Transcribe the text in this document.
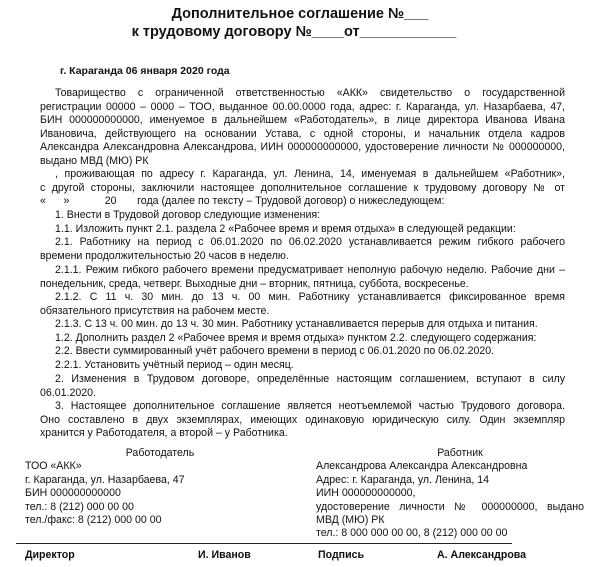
Дополнительное соглашение №___
к трудовому договору №____от____________
г. Караганда 06 января 2020 года
Товарищество с ограниченной ответственностью «АКК» свидетельство о государственной
регистрации 00000 – 0000 – ТОО, выданное 00.00.0000 года, адрес: г. Караганда, ул. Назарбаева, 47,
БИН 000000000000, именуемое в дальнейшем «Работодатель», в лице директора Иванова Ивана
Ивановича, действующего на основании Устава, с одной стороны, и начальник отдела кадров
Александра Александровна Александрова, ИИН 000000000000, удостоверение личности № 000000000,
выдано МВД (МЮ) РК
, проживающая по адресу г. Караганда, ул. Ленина, 14, именуемая в дальнейшем «Работник»,
с другой стороны, заключили настоящее дополнительное соглашение к трудовому договору № от
«      »            20       года (далее по тексту – Трудовой договор) о нижеследующем:
1. Внести в Трудовой договор следующие изменения:
1.1. Изложить пункт 2.1. раздела 2 «Рабочее время и время отдыха» в следующей редакции:
2.1. Работнику на период с 06.01.2020 по 06.02.2020 устанавливается режим гибкого рабочего
времени продолжительностью 20 часов в неделю.
2.1.1. Режим гибкого рабочего времени предусматривает неполную рабочую неделю. Рабочие дни –
понедельник, среда, четверг. Выходные дни – вторник, пятница, суббота, воскресенье.
2.1.2. С 11 ч. 30 мин. до 13 ч. 00 мин. Работнику устанавливается фиксированное время
обязательного присутствия на рабочем месте.
2.1.3. С 13 ч. 00 мин. до 13 ч. 30 мин. Работнику устанавливается перерыв для отдыха и питания.
1.2. Дополнить раздел 2 «Рабочее время и время отдыха» пунктом 2.2. следующего содержания:
2.2. Ввести суммированный учёт рабочего времени в период с 06.01.2020 по 06.02.2020.
2.2.1. Установить учётный период – один месяц.
2. Изменения в Трудовом договоре, определённые настоящим соглашением, вступают в силу
06.01.2020.
3. Настоящее дополнительное соглашение является неотъемлемой частью Трудового договора.
Оно составлено в двух экземплярах, имеющих одинаковую юридическую силу. Один экземпляр
хранится у Работодателя, а второй – у Работника.
Работодатель
ТОО «АКК»
г. Караганда, ул. Назарбаева, 47
БИН 000000000000
тел.: 8 (212) 000 00 00
тел./факс: 8 (212) 000 00 00
Работник
Александрова Александра Александровна
Адрес: г. Караганда, ул. Ленина, 14
ИИН 000000000000,
удостоверение личности № 000000000, выдано
МВД (МЮ) РК
тел.: 8 000 000 00 00, 8 (212) 000 00 00
Директор	И. Иванов	Подпись	А. Александрова
